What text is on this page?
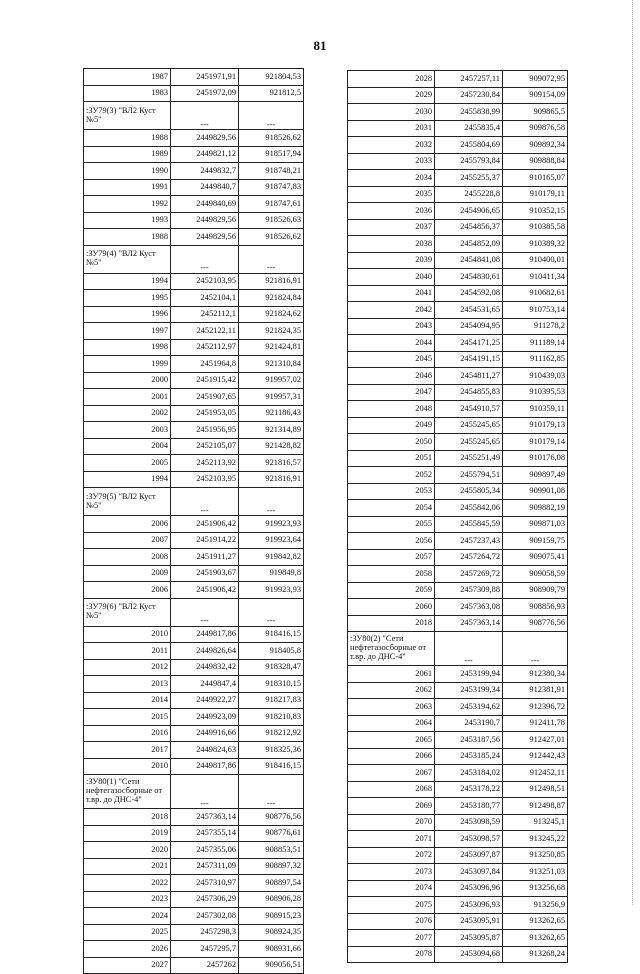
81
1987	2451971,91	921804,53
1983	2451972,09	921812,5
:ЗУ79(3) "ВЛ2 Куст №5"	---	---
1988	2449829,56	918526,62
1989	2449821,12	918517,94
1990	2449832,7	918748,21
1991	2449840,7	918747,83
1992	2449840,69	918747,61
1993	2449829,56	918526,63
1988	2449829,56	918526,62
:ЗУ79(4) "ВЛ2 Куст №5"	---	---
1994	2452103,95	921816,91
1995	2452104,1	921824,84
1996	2452112,1	921824,62
1997	2452122,11	921824,35
1998	2452112,97	921424,81
1999	2451964,8	921310,84
2000	2451915,42	919957,02
2001	2451907,65	919957,31
2002	2451953,05	921186,43
2003	2451956,95	921314,89
2004	2452105,07	921428,82
2005	2452113,92	921816,57
1994	2452103,95	921816,91
:ЗУ79(5) "ВЛ2 Куст №5"	---	---
2006	2451906,42	919923,93
2007	2451914,22	919923,64
2008	2451911,27	919842,82
2009	2451903,67	919849,8
2006	2451906,42	919923,93
:ЗУ79(6) "ВЛ2 Куст №5"	---	---
2010	2449817,86	918416,15
2011	2449826,64	918405,8
2012	2449832,42	918328,47
2013	2449847,4	918310,15
2014	2449922,27	918217,83
2015	2449923,09	918210,83
2016	2449916,66	918212,92
2017	2449824,63	918325,36
2010	2449817,86	918416,15
:ЗУ80(1) "Сети нефтегазосборные от т.вр. до ДНС-4"	---	---
2018	2457363,14	908776,56
2019	2457355,14	908776,61
2020	2457355,06	908853,51
2021	2457311,09	908897,32
2022	2457310,97	908897,54
2023	2457306,29	908906,28
2024	2457302,08	908915,23
2025	2457298,3	908924,35
2026	2457295,7	908931,66
2027	2457262	909056,51
2028	2457257,11	909072,95
2029	2457230,84	909154,09
2030	2455838,99	909865,5
2031	2455835,4	909876,58
2032	2455804,69	909892,34
2033	2455793,84	909888,84
2034	2455255,37	910165,07
2035	2455228,8	910179,11
2036	2454906,65	910352,15
2037	2454856,37	910385,58
2038	2454852,09	910389,32
2039	2454841,08	910400,01
2040	2454830,61	910411,34
2041	2454592,08	910682,61
2042	2454531,65	910753,14
2043	2454094,95	911278,2
2044	2454171,25	911189,14
2045	2454191,15	911162,85
2046	2454811,27	910439,03
2047	2454855,83	910395,53
2048	2454910,57	910359,11
2049	2455245,65	910179,13
2050	2455245,65	910179,14
2051	2455251,49	910176,08
2052	2455794,51	909897,49
2053	2455805,34	909901,08
2054	2455842,06	909882,19
2055	2455845,59	909871,03
2056	2457237,43	909159,75
2057	2457264,72	909075,41
2058	2457269,72	909058,59
2059	2457309,88	908909,79
2060	2457363,08	908856,93
2018	2457363,14	908776,56
:ЗУ80(2) "Сети нефтегазосборные от т.вр. до ДНС-4"	---	---
2061	2453199,94	912380,34
2062	2453199,34	912381,91
2063	2453194,62	912396,72
2064	2453190,7	912411,78
2065	2453187,56	912427,01
2066	2453185,24	912442,43
2067	2453184,02	912452,11
2068	2453178,22	912498,51
2069	2453180,77	912498,87
2070	2453098,59	913245,1
2071	2453098,57	913245,22
2072	2453097,87	913250,85
2073	2453097,84	913251,03
2074	2453096,96	913256,68
2075	2453096,93	913256,9
2076	2453095,91	913262,65
2077	2453095,87	913262,65
2078	2453094,68	913268,24
